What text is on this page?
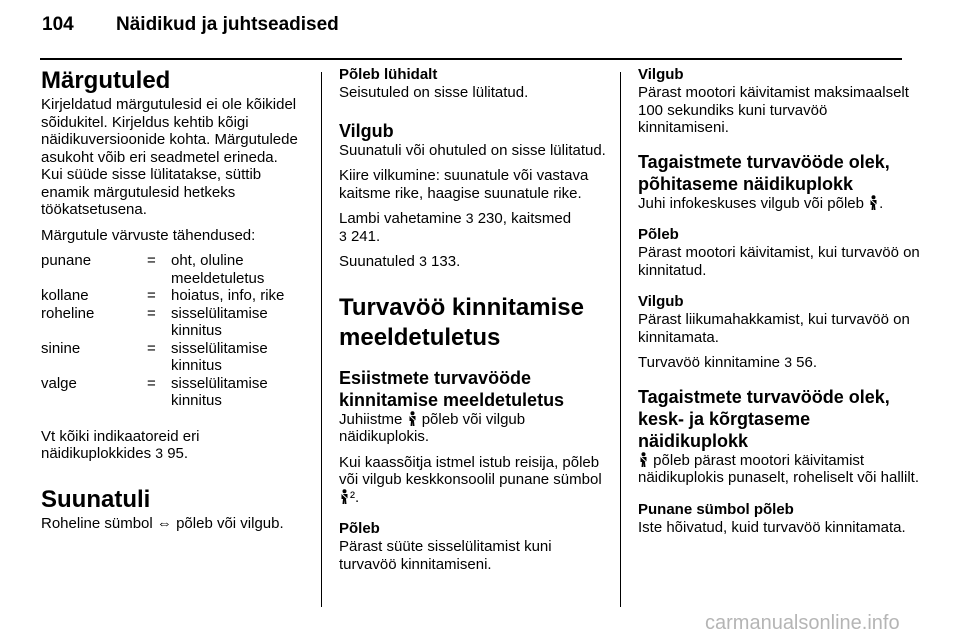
104 Näidikud ja juhtseadised

Märgutuled

Kirjeldatud märgutulesid ei ole kõikidel sõidukitel. Kirjeldus kehtib kõigi näidikuversioonide kohta. Märgutulede asukoht võib eri seadmetel erineda. Kui süüde sisse lülitatakse, süttib enamik märgutulesid hetkeks töökatsetusena.

Märgutule värvuste tähendused:

punane	=	oht, oluline meeldetuletus
kollane	=	hoiatus, info, rike
roheline	=	sisselülitamise kinnitus
sinine	=	sisselülitamise kinnitus
valge	=	sisselülitamise kinnitus

Vt kõiki indikaatoreid eri näidikuplokkides 3 95.

Suunatuli

Roheline sümbol ⇔ põleb või vilgub.

Põleb lühidalt

Seisutuled on sisse lülitatud.

Vilgub

Suunatuli või ohutuled on sisse lülitatud.

Kiire vilkumine: suunatule või vastava kaitsme rike, haagise suunatule rike.

Lambi vahetamine 3 230, kaitsmed
3 241.

Suunatuled 3 133.

Turvavöö kinnitamise meeldetuletus

Esiistmete turvavööde kinnitamise meeldetuletus

Juhiistme põleb või vilgub näidikuplokis.

Kui kaassõitja istmel istub reisija, põleb või vilgub keskkonsoolil punane sümbol ².

Põleb

Pärast süüte sisselülitamist kuni turvavöö kinnitamiseni.

Vilgub

Pärast mootori käivitamist maksimaalselt 100 sekundiks kuni turvavöö kinnitamiseni.

Tagaistmete turvavööde olek, põhitaseme näidikuplokk

Juhi infokeskuses vilgub või põleb .

Põleb

Pärast mootori käivitamist, kui turvavöö on kinnitatud.

Vilgub

Pärast liikumahakkamist, kui turvavöö on kinnitamata.

Turvavöö kinnitamine 3 56.

Tagaistmete turvavööde olek, kesk- ja kõrgtaseme näidikuplokk

põleb pärast mootori käivitamist näidikuplokis punaselt, roheliselt või hallilt.

Punane sümbol põleb

Iste hõivatud, kuid turvavöö kinnitamata.

carmanualsonline.info
